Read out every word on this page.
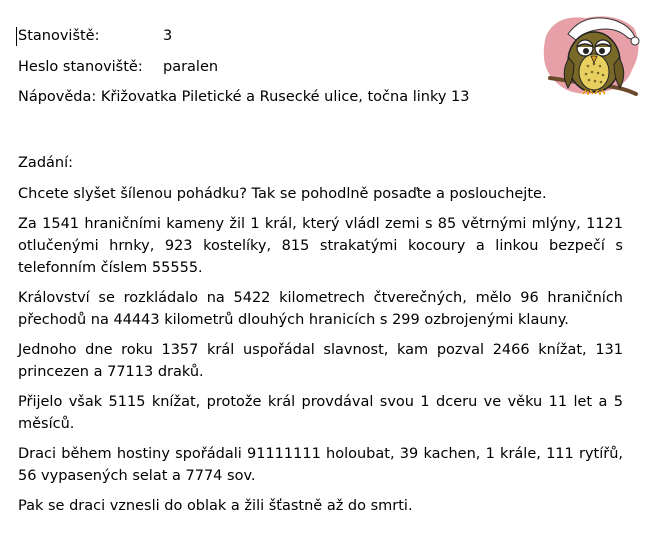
Stanoviště:	3
Heslo stanoviště: paralen
Nápověda: Křižovatka Piletické a Rusecké ulice, točna linky 13
Zadání:

Chcete slyšet šílenou pohádku? Tak se pohodlně posaďte a poslouchejte.

Za 1541 hraničními kameny žil 1 král, který vládl zemi s 85 větrnými mlýny, 1121 otlučenými hrnky, 923 kostelíky, 815 strakatými kocoury a linkou bezpečí s telefonním číslem 55555.

Království se rozkládalo na 5422 kilometrech čtverečných, mělo 96 hraničních přechodů na 44443 kilometrů dlouhých hranicích s 299 ozbrojenými klauny.

Jednoho dne roku 1357 král uspořádal slavnost, kam pozval 2466 knížat, 131 princezen a 77113 draků.

Přijelo však 5115 knížat, protože král provdával svou 1 dceru ve věku 11 let a 5 měsíců.

Draci během hostiny spořádali 91111111 holoubat, 39 kachen, 1 krále, 111 rytířů, 56 vypasených selat a 7774 sov.

Pak se draci vznesli do oblak a žili šťastně až do smrti.
